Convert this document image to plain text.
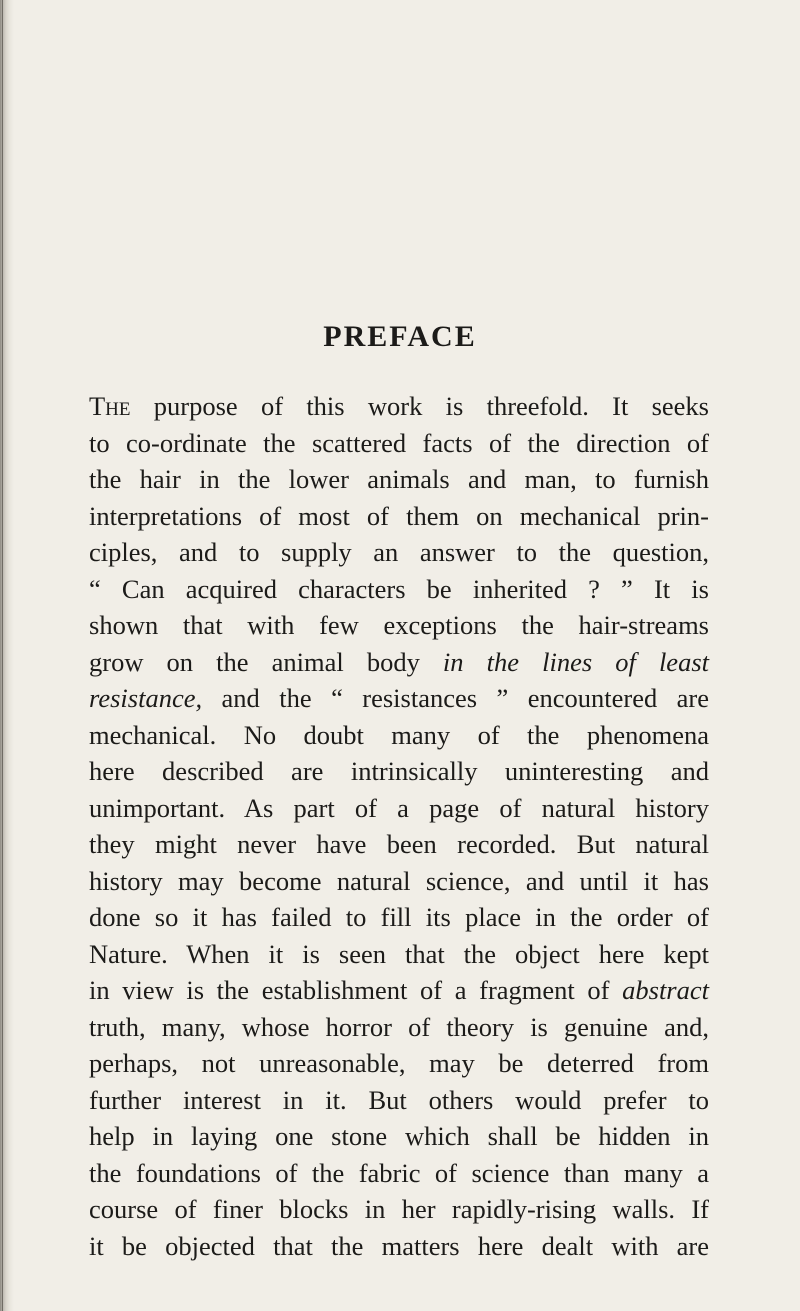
PREFACE
The purpose of this work is threefold. It seeks
to co-ordinate the scattered facts of the direction of
the hair in the lower animals and man, to furnish
interpretations of most of them on mechanical prin-
ciples, and to supply an answer to the question,
“ Can acquired characters be inherited ? ” It is
shown that with few exceptions the hair-streams
grow on the animal body in the lines of least
resistance, and the “ resistances ” encountered are
mechanical. No doubt many of the phenomena
here described are intrinsically uninteresting and
unimportant. As part of a page of natural history
they might never have been recorded. But natural
history may become natural science, and until it has
done so it has failed to fill its place in the order of
Nature. When it is seen that the object here kept
in view is the establishment of a fragment of abstract
truth, many, whose horror of theory is genuine and,
perhaps, not unreasonable, may be deterred from
further interest in it. But others would prefer to
help in laying one stone which shall be hidden in
the foundations of the fabric of science than many a
course of finer blocks in her rapidly-rising walls. If
it be objected that the matters here dealt with are
